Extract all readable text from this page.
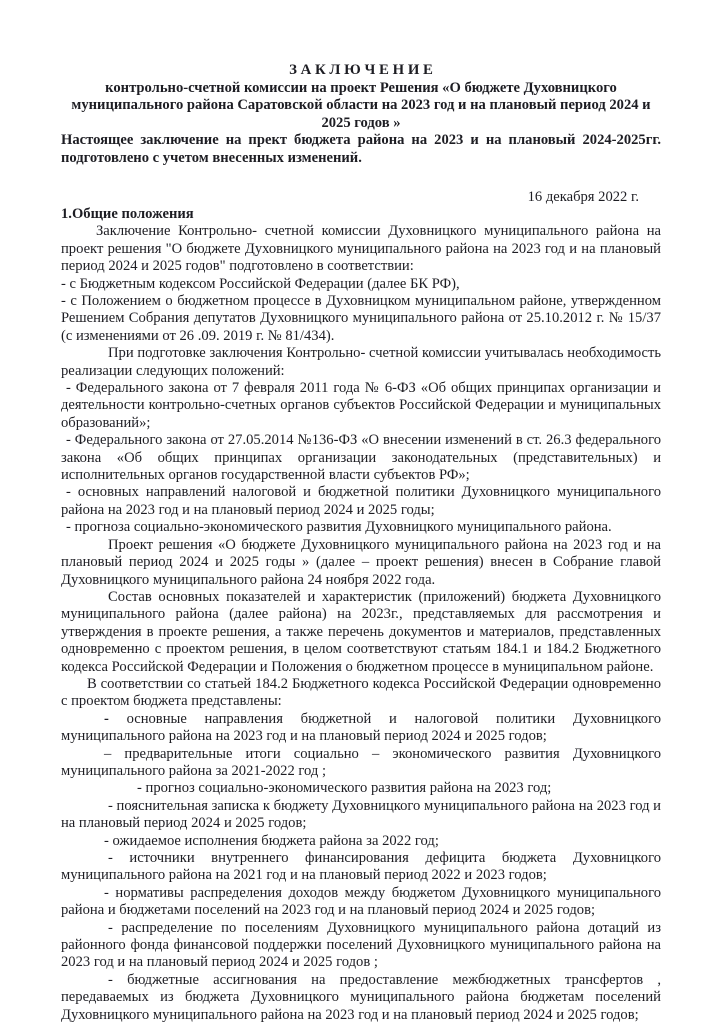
З А К Л Ю Ч Е Н И Е

контрольно-счетной комиссии на проект Решения «О бюджете Духовницкого муниципального района Саратовской области на 2023 год и на плановый период 2024 и 2025 годов »

Настоящее заключение на прект бюджета района на 2023 и на плановый 2024-2025гг. подготовлено с учетом внесенных изменений.

16 декабря 2022 г.

1.Общие положения

Заключение Контрольно- счетной комиссии Духовницкого муниципального района на проект решения "О бюджете Духовницкого муниципального района на 2023 год и на плановый период 2024 и 2025 годов" подготовлено в соответствии:

- с Бюджетным кодексом Российской Федерации (далее БК РФ),

- с Положением о бюджетном процессе в Духовницком муниципальном районе, утвержденном Решением Собрания депутатов Духовницкого муниципального района от 25.10.2012 г. № 15/37 (с изменениями от 26 .09. 2019 г. № 81/434).

При подготовке заключения Контрольно- счетной комиссии учитывалась необходимость реализации следующих положений:

- Федерального закона от 7 февраля 2011 года № 6-ФЗ «Об общих принципах организации и деятельности контрольно-счетных органов субъектов Российской Федерации и муниципальных образований»;

- Федерального закона от 27.05.2014 №136-ФЗ «О внесении изменений в ст. 26.3 федерального закона «Об общих принципах организации законодательных (представительных) и исполнительных органов государственной власти субъектов РФ»;

- основных направлений налоговой и бюджетной политики Духовницкого муниципального района на 2023 год и на плановый период 2024 и 2025 годы;

- прогноза социально-экономического развития Духовницкого муниципального района.

Проект решения «О бюджете Духовницкого муниципального района на 2023 год и на плановый период 2024 и 2025 годы » (далее – проект решения) внесен в Собрание главой Духовницкого муниципального района 24 ноября 2022 года.

Состав основных показателей и характеристик (приложений) бюджета Духовницкого муниципального района (далее района) на 2023г., представляемых для рассмотрения и утверждения в проекте решения, а также перечень документов и материалов, представленных одновременно с проектом решения, в целом соответствуют статьям 184.1 и 184.2 Бюджетного кодекса Российской Федерации и Положения о бюджетном процессе в муниципальном районе.

В соответствии со статьей 184.2 Бюджетного кодекса Российской Федерации одновременно с проектом бюджета представлены:

- основные направления бюджетной и налоговой политики Духовницкого муниципального района на 2023 год и на плановый период 2024 и 2025 годов;

– предварительные итоги социально – экономического развития Духовницкого муниципального района за 2021-2022 год ;

- прогноз социально-экономического развития района на 2023 год;

- пояснительная записка к бюджету Духовницкого муниципального района на 2023 год и на плановый период 2024 и 2025 годов;

- ожидаемое исполнения бюджета района за 2022 год;

- источники внутреннего финансирования дефицита бюджета Духовницкого муниципального района на 2021 год и на плановый период 2022 и 2023 годов;

- нормативы распределения доходов между бюджетом Духовницкого муниципального района и бюджетами поселений на 2023 год и на плановый период 2024 и 2025 годов;

- распределение по поселениям Духовницкого муниципального района дотаций из районного фонда финансовой поддержки поселений Духовницкого муниципального района на 2023 год и на плановый период 2024 и 2025 годов ;

- бюджетные ассигнования на предоставление межбюджетных трансфертов , передаваемых из бюджета Духовницкого муниципального района бюджетам поселений Духовницкого муниципального района на 2023 год и на плановый период 2024 и 2025 годов;
